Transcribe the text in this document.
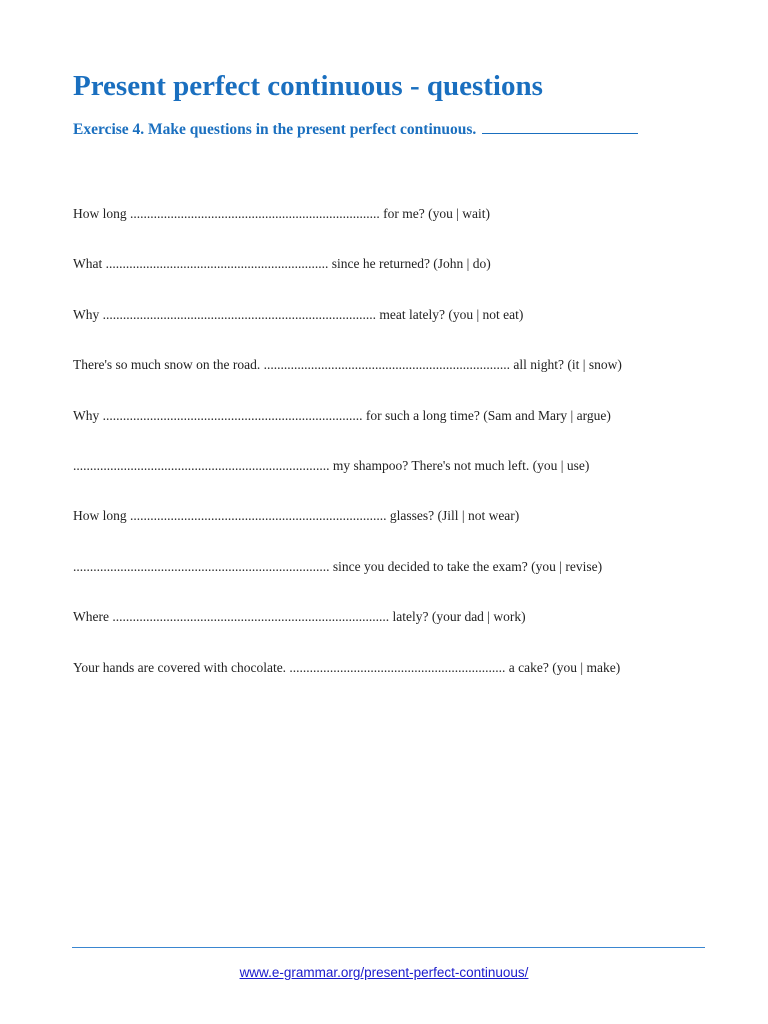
Present perfect continuous - questions
Exercise 4. Make questions in the present perfect continuous.
How long .......................................................................... for me? (you | wait)
What .................................................................. since he returned? (John | do)
Why ................................................................................. meat lately? (you | not eat)
There's so much snow on the road. ......................................................................... all night? (it | snow)
Why ............................................................................. for such a long time? (Sam and Mary | argue)
............................................................................ my shampoo? There's not much left. (you | use)
How long ............................................................................ glasses? (Jill | not wear)
............................................................................ since you decided to take the exam? (you | revise)
Where .................................................................................. lately? (your dad | work)
Your hands are covered with chocolate. ................................................................ a cake? (you | make)
www.e-grammar.org/present-perfect-continuous/
